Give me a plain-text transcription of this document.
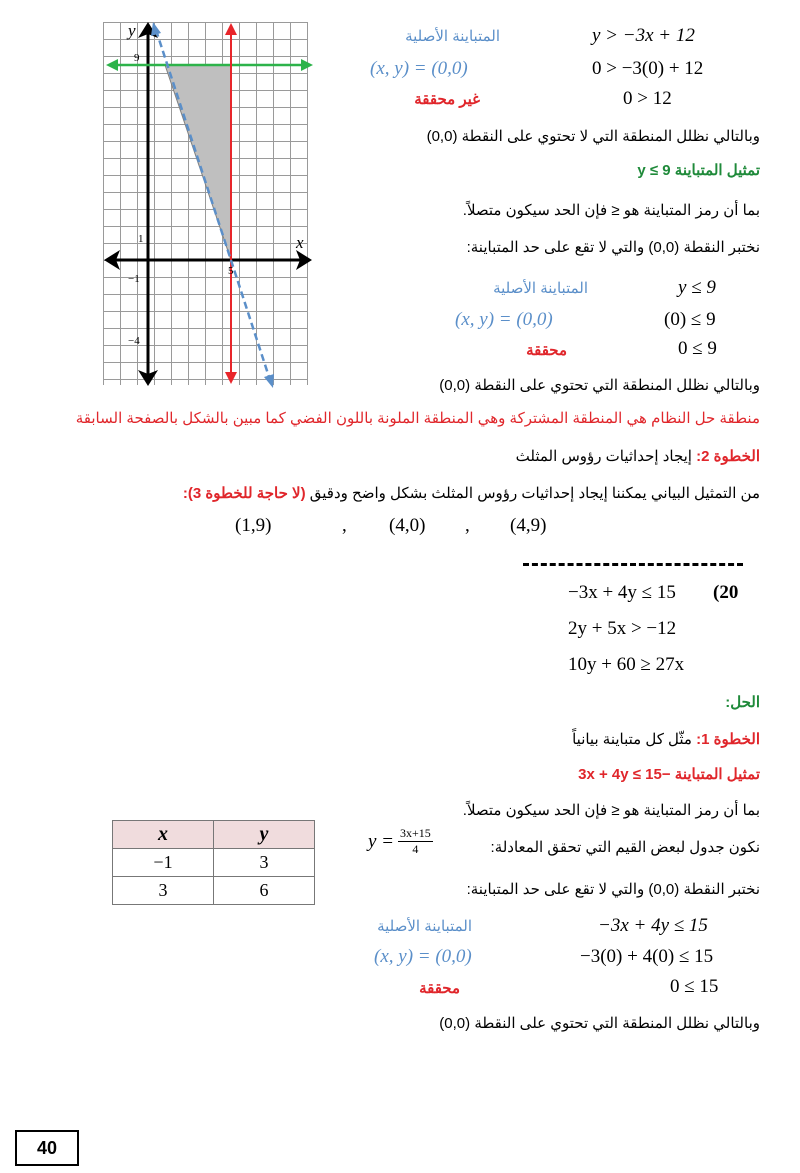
y
x
9
1
−1
−4
5
y > −3x + 12
المتباينة الأصلية
(x, y) = (0,0)	0 > −3(0) + 12
غير محققة	0 > 12
وبالتالي نظلل المنطقة التي لا تحتوي على النقطة (0,0)
تمثيل المتباينة 9 ≥ y
بما أن رمز المتباينة هو ≤ فإن الحد سيكون متصلاً.
نختبر النقطة (0,0) والتي لا تقع على حد المتباينة:
y ≤ 9
المتباينة الأصلية
(x, y) = (0,0)	(0) ≤ 9
محققة	0 ≤ 9
وبالتالي نظلل المنطقة التي تحتوي على النقطة (0,0)
منطقة حل النظام هي المنطقة المشتركة وهي المنطقة الملونة باللون الفضي كما مبين بالشكل بالصفحة السابقة
الخطوة 2: إيجاد إحداثيات رؤوس المثلث
من التمثيل البياني يمكننا إيجاد إحداثيات رؤوس المثلث بشكل واضح ودقيق (لا حاجة للخطوة 3):
(1,9)	, (4,0) , (4,9)
(20
−3x + 4y ≤ 15
2y + 5x > −12
10y + 60 ≥ 27x
الحل:
الخطوة 1: مثّل كل متباينة بيانياً
تمثيل المتباينة −3x + 4y ≤ 15
بما أن رمز المتباينة هو ≤ فإن الحد سيكون متصلاً.
نكون جدول لبعض القيم التي تحقق المعادلة:
$y = \frac{3x+15}{4}$
نختبر النقطة (0,0) والتي لا تقع على حد المتباينة:
−3x + 4y ≤ 15
المتباينة الأصلية
(x, y) = (0,0)	−3(0) + 4(0) ≤ 15
محققة	0 ≤ 15
وبالتالي نظلل المنطقة التي تحتوي على النقطة (0,0)
x	y
−1	3
3	6
40
